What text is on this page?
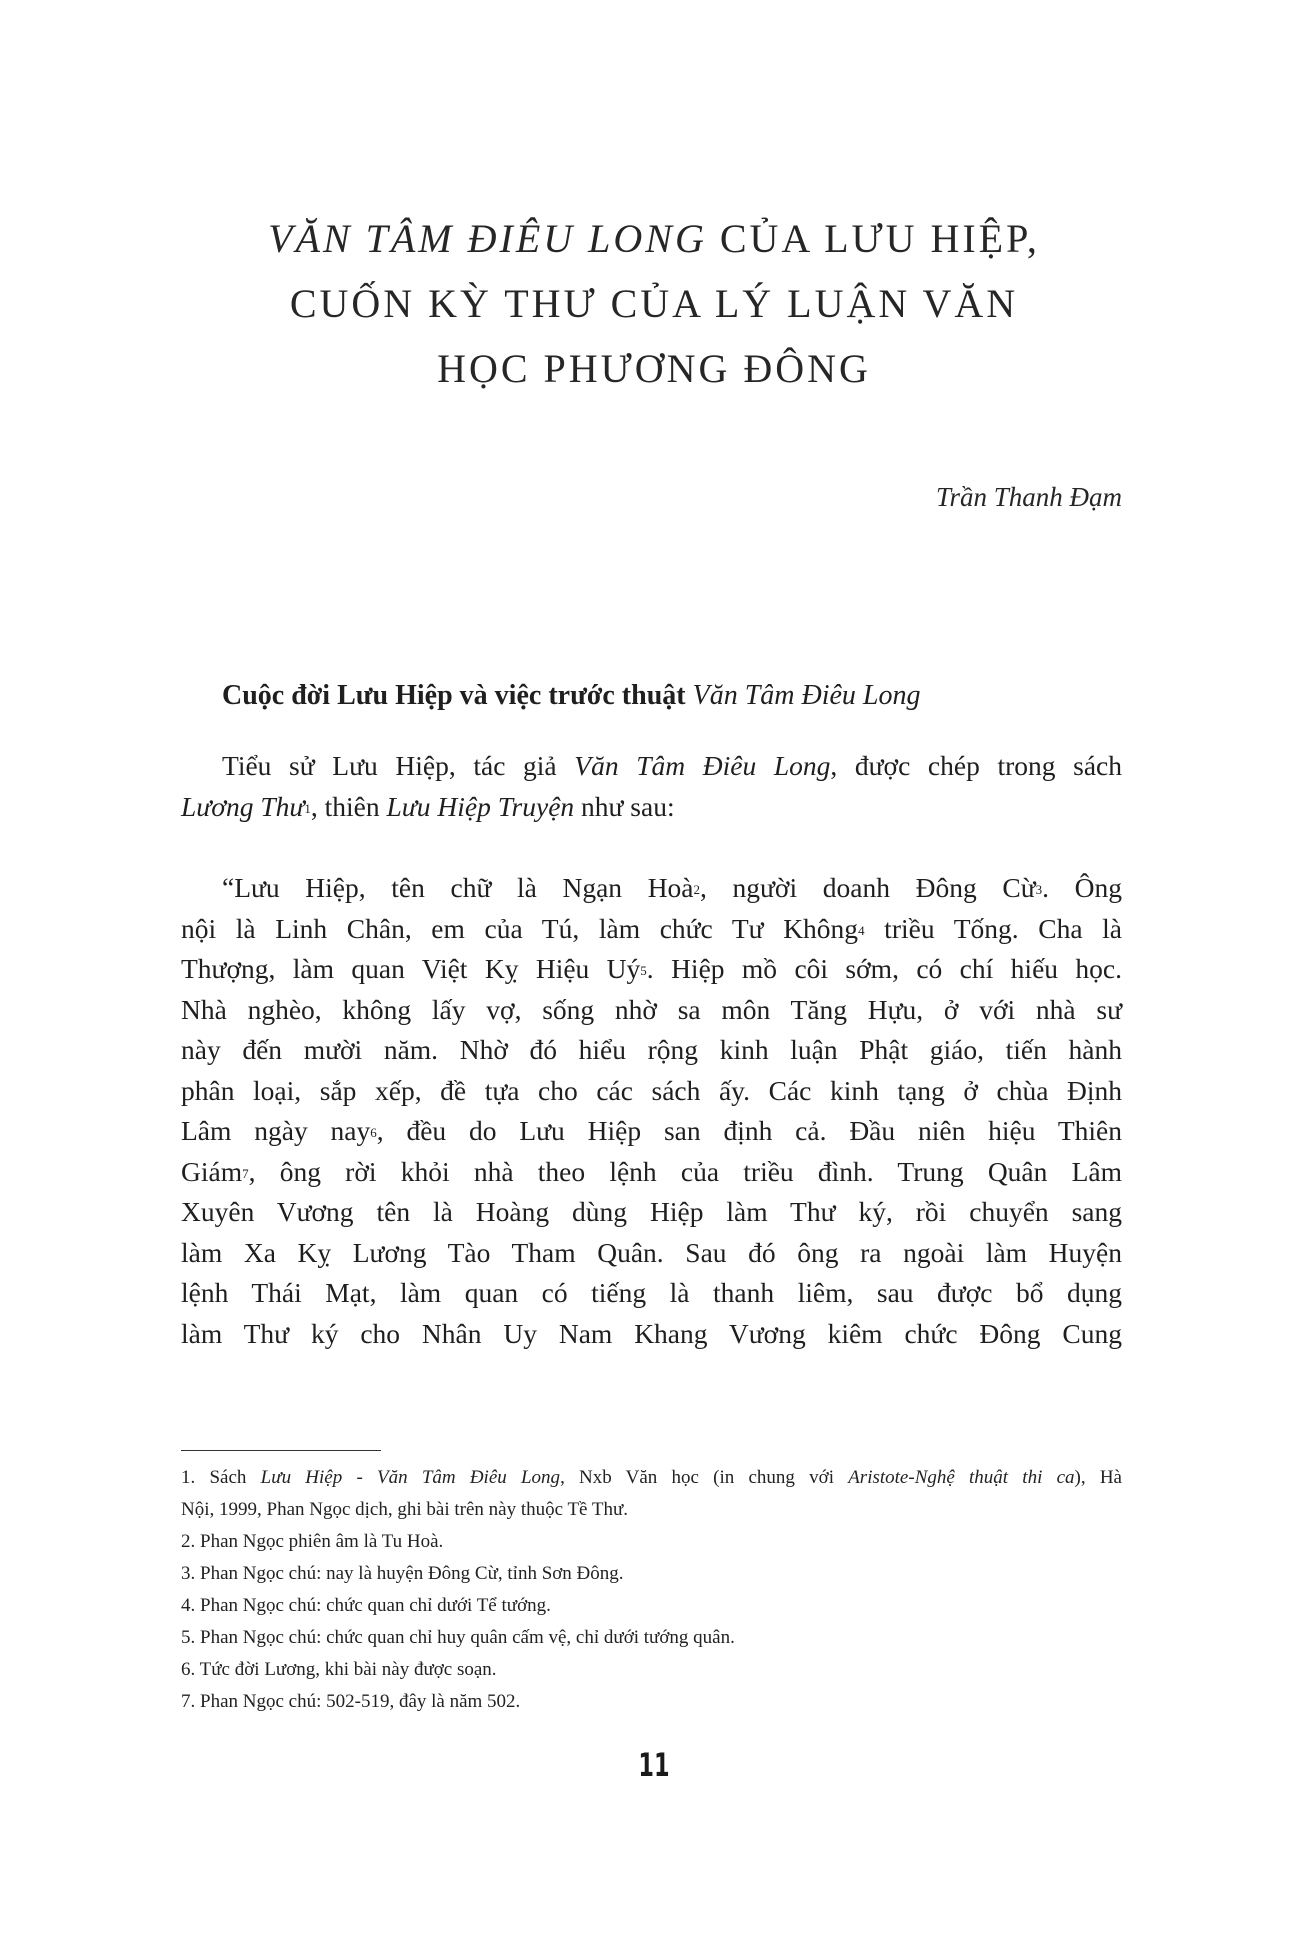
VĂN TÂM ĐIÊU LONG CỦA LƯU HIỆP,
CUỐN KỲ THƯ CỦA LÝ LUẬN VĂN
HỌC PHƯƠNG ĐÔNG
Trần Thanh Đạm
Cuộc đời Lưu Hiệp và việc trước thuật Văn Tâm Điêu Long
Tiểu sử Lưu Hiệp, tác giả Văn Tâm Điêu Long, được chép trong sách
Lương Thư$^1$, thiên Lưu Hiệp Truyện như sau:
“Lưu Hiệp, tên chữ là Ngạn Hoà$^2$, người doanh Đông Cừ$^3$. Ông
nội là Linh Chân, em của Tú, làm chức Tư Không$^4$ triều Tống. Cha là
Thượng, làm quan Việt Kỵ Hiệu $Uý^5$. Hiệp mồ côi sớm, có chí hiếu học.
Nhà nghèo, không lấy vợ, sống nhờ sa môn Tăng Hựu, ở với nhà sư
này đến mười năm. Nhờ đó hiểu rộng kinh luận Phật giáo, tiến hành
phân loại, sắp xếp, đề tựa cho các sách ấy. Các kinh tạng ở chùa Định
Lâm ngày nay$^6$, đều do Lưu Hiệp san định cả. Đầu niên hiệu Thiên
Giám$^7$, ông rời khỏi nhà theo lệnh của triều đình. Trung Quân Lâm
Xuyên Vương tên là Hoàng dùng Hiệp làm Thư ký, rồi chuyển sang
làm Xa Kỵ Lương Tào Tham Quân. Sau đó ông ra ngoài làm Huyện
lệnh Thái Mạt, làm quan có tiếng là thanh liêm, sau được bổ dụng
làm Thư ký cho Nhân Uy Nam Khang Vương kiêm chức Đông Cung
1. Sách Lưu Hiệp - Văn Tâm Điêu Long, Nxb Văn học (in chung với Aristote-Nghệ thuật thi ca), Hà
Nội, 1999, Phan Ngọc dịch, ghi bài trên này thuộc Tề Thư.
2. Phan Ngọc phiên âm là Tu Hoà.
3. Phan Ngọc chú: nay là huyện Đông Cừ, tỉnh Sơn Đông.
4. Phan Ngọc chú: chức quan chỉ dưới Tể tướng.
5. Phan Ngọc chú: chức quan chỉ huy quân cấm vệ, chỉ dưới tướng quân.
6. Tức đời Lương, khi bài này được soạn.
7. Phan Ngọc chú: 502-519, đây là năm 502.
11
